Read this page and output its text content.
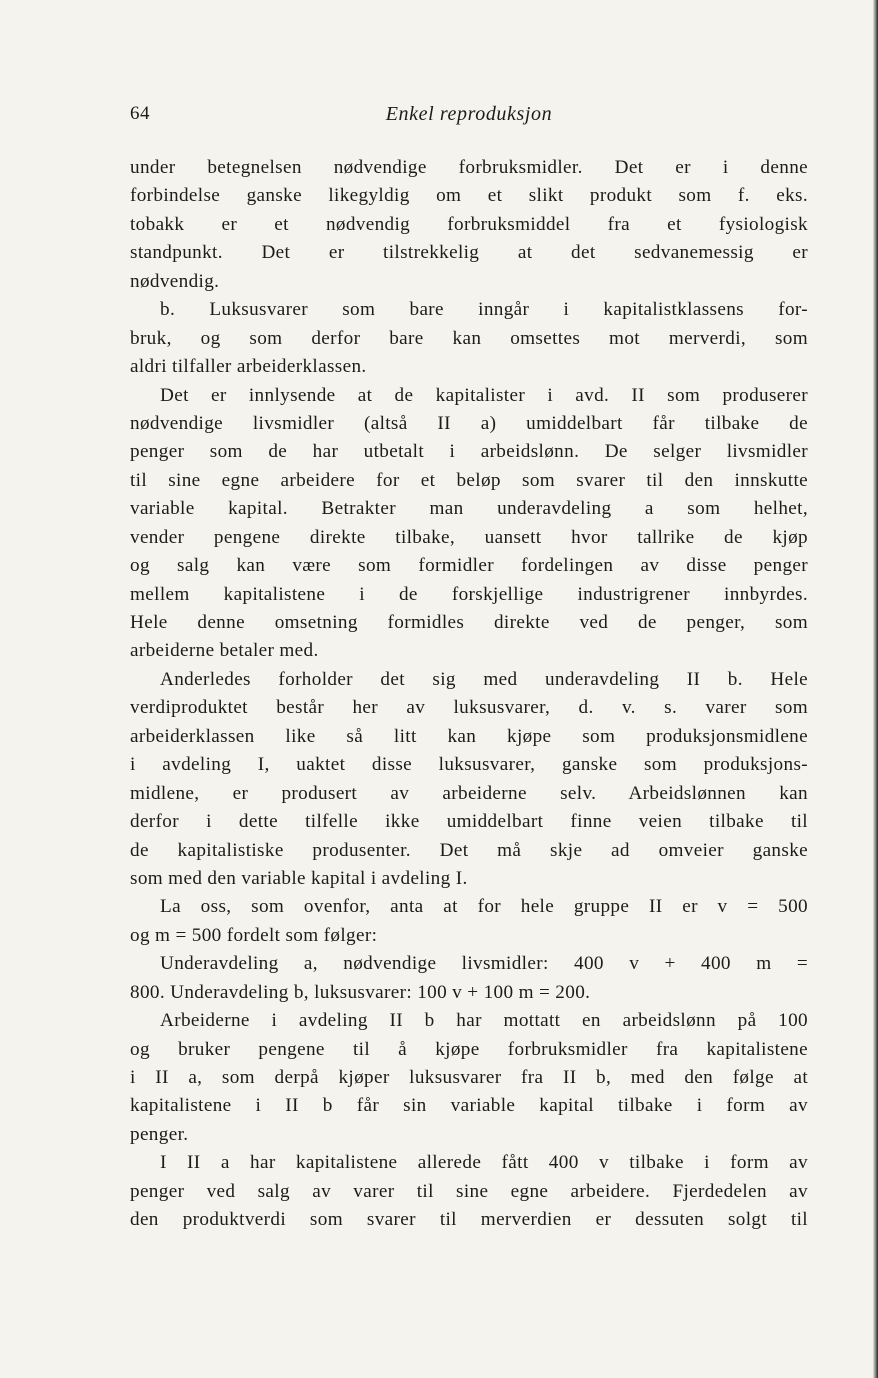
64	Enkel reproduksjon
under betegnelsen nødvendige forbruksmidler. Det er i denne
forbindelse ganske likegyldig om et slikt produkt som f. eks.
tobakk er et nødvendig forbruksmiddel fra et fysiologisk
standpunkt. Det er tilstrekkelig at det sedvanemessig er
nødvendig.
b. Luksusvarer som bare inngår i kapitalistklassens for-
bruk, og som derfor bare kan omsettes mot merverdi, som
aldri tilfaller arbeiderklassen.
Det er innlysende at de kapitalister i avd. II som produserer
nødvendige livsmidler (altså II a) umiddelbart får tilbake de
penger som de har utbetalt i arbeidslønn. De selger livsmidler
til sine egne arbeidere for et beløp som svarer til den innskutte
variable kapital. Betrakter man underavdeling a som helhet,
vender pengene direkte tilbake, uansett hvor tallrike de kjøp
og salg kan være som formidler fordelingen av disse penger
mellem kapitalistene i de forskjellige industrigrener innbyrdes.
Hele denne omsetning formidles direkte ved de penger, som
arbeiderne betaler med.
Anderledes forholder det sig med underavdeling II b. Hele
verdiproduktet består her av luksusvarer, d. v. s. varer som
arbeiderklassen like så litt kan kjøpe som produksjonsmidlene
i avdeling I, uaktet disse luksusvarer, ganske som produksjons-
midlene, er produsert av arbeiderne selv. Arbeidslønnen kan
derfor i dette tilfelle ikke umiddelbart finne veien tilbake til
de kapitalistiske produsenter. Det må skje ad omveier ganske
som med den variable kapital i avdeling I.
La oss, som ovenfor, anta at for hele gruppe II er v = 500
og m = 500 fordelt som følger:
Underavdeling a, nødvendige livsmidler: 400 v + 400 m =
800. Underavdeling b, luksusvarer: 100 v + 100 m = 200.
Arbeiderne i avdeling II b har mottatt en arbeidslønn på 100
og bruker pengene til å kjøpe forbruksmidler fra kapitalistene
i II a, som derpå kjøper luksusvarer fra II b, med den følge at
kapitalistene i II b får sin variable kapital tilbake i form av
penger.
I II a har kapitalistene allerede fått 400 v tilbake i form av
penger ved salg av varer til sine egne arbeidere. Fjerdedelen av
den produktverdi som svarer til merverdien er dessuten solgt til
